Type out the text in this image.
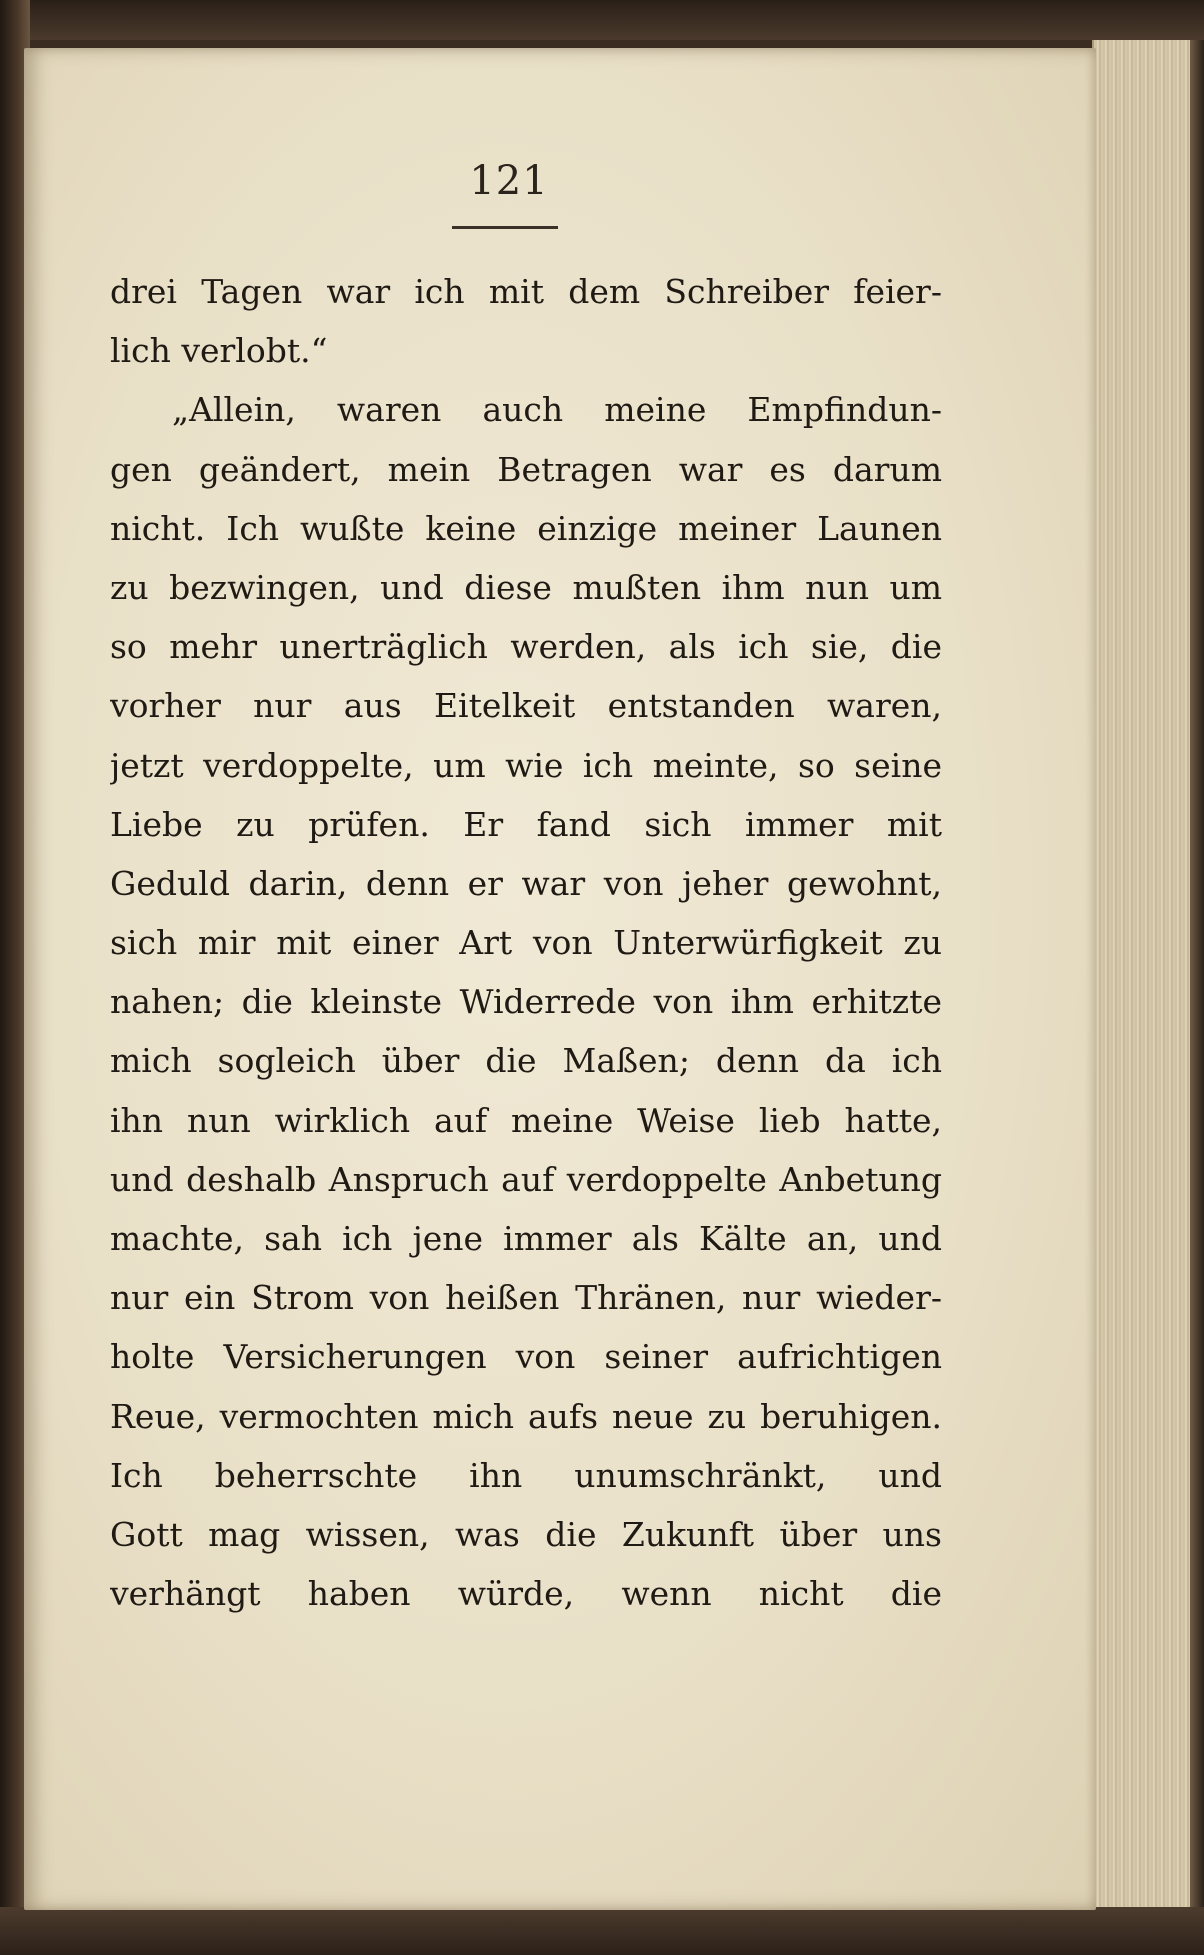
121
drei Tagen war ich mit dem Schreiber feier-
lich verlobt.“
„Allein, waren auch meine Empfindun-
gen geändert, mein Betragen war es darum
nicht. Ich wußte keine einzige meiner Launen
zu bezwingen, und diese mußten ihm nun um
so mehr unerträglich werden, als ich sie, die
vorher nur aus Eitelkeit entstanden waren,
jetzt verdoppelte, um wie ich meinte, so seine
Liebe zu prüfen. Er fand sich immer mit
Geduld darin, denn er war von jeher gewohnt,
sich mir mit einer Art von Unterwürfigkeit zu
nahen; die kleinste Widerrede von ihm erhitzte
mich sogleich über die Maßen; denn da ich
ihn nun wirklich auf meine Weise lieb hatte,
und deshalb Anspruch auf verdoppelte Anbetung
machte, sah ich jene immer als Kälte an, und
nur ein Strom von heißen Thränen, nur wieder-
holte Versicherungen von seiner aufrichtigen
Reue, vermochten mich aufs neue zu beruhigen.
Ich beherrschte ihn unumschränkt, und
Gott mag wissen, was die Zukunft über uns
verhängt haben würde, wenn nicht die
